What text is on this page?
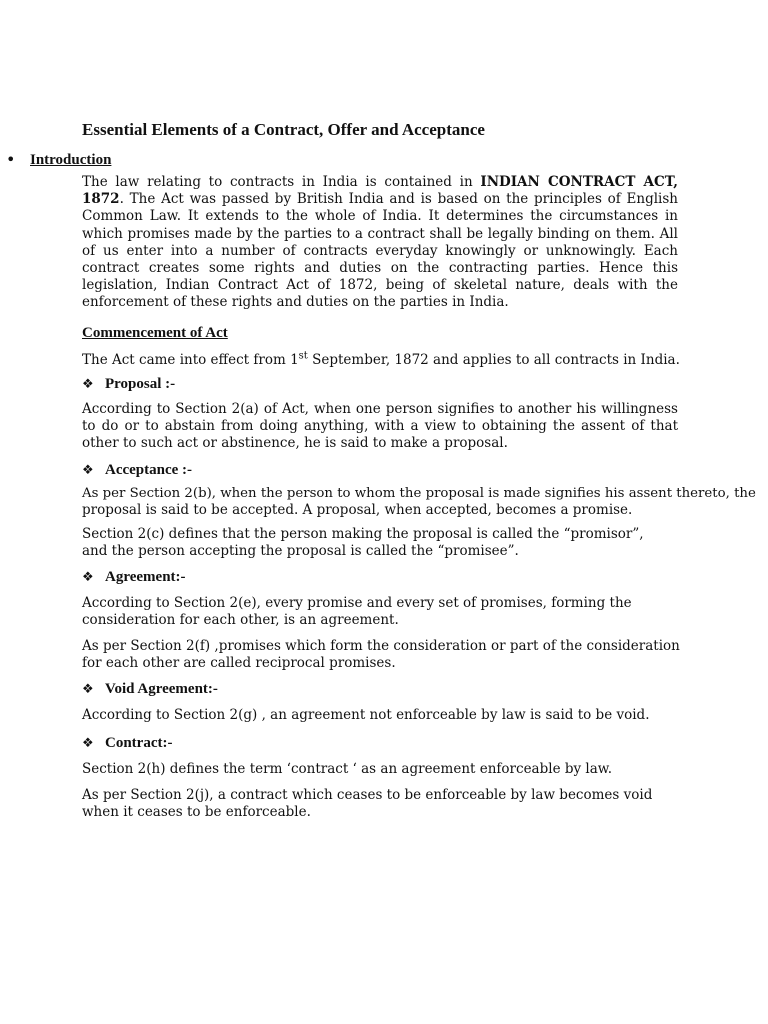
Essential Elements of a Contract, Offer and Acceptance
• Introduction

The law relating to contracts in India is contained in INDIAN CONTRACT ACT, 1872. The Act was passed by British India and is based on the principles of English Common Law. It extends to the whole of India. It determines the circumstances in which promises made by the parties to a contract shall be legally binding on them. All of us enter into a number of contracts everyday knowingly or unknowingly. Each contract creates some rights and duties on the contracting parties. Hence this legislation, Indian Contract Act of 1872, being of skeletal nature, deals with the enforcement of these rights and duties on the parties in India.

Commencement of Act

The Act came into effect from 1st September, 1872 and applies to all contracts in India.

❖ Proposal :-

According to Section 2(a) of Act, when one person signifies to another his willingness to do or to abstain from doing anything, with a view to obtaining the assent of that other to such act or abstinence, he is said to make a proposal.

❖ Acceptance :-

As per Section 2(b), when the person to whom the proposal is made signifies his assent thereto, the
proposal is said to be accepted. A proposal, when accepted, becomes a promise.

Section 2(c) defines that the person making the proposal is called the “promisor”,
and the person accepting the proposal is called the “promisee”.

❖ Agreement:-

According to Section 2(e), every promise and every set of promises, forming the
consideration for each other, is an agreement.

As per Section 2(f) ,promises which form the consideration or part of the consideration
for each other are called reciprocal promises.

❖ Void Agreement:-

According to Section 2(g) , an agreement not enforceable by law is said to be void.

❖ Contract:-

Section 2(h) defines the term ‘contract ‘ as an agreement enforceable by law.

As per Section 2(j), a contract which ceases to be enforceable by law becomes void
when it ceases to be enforceable.
